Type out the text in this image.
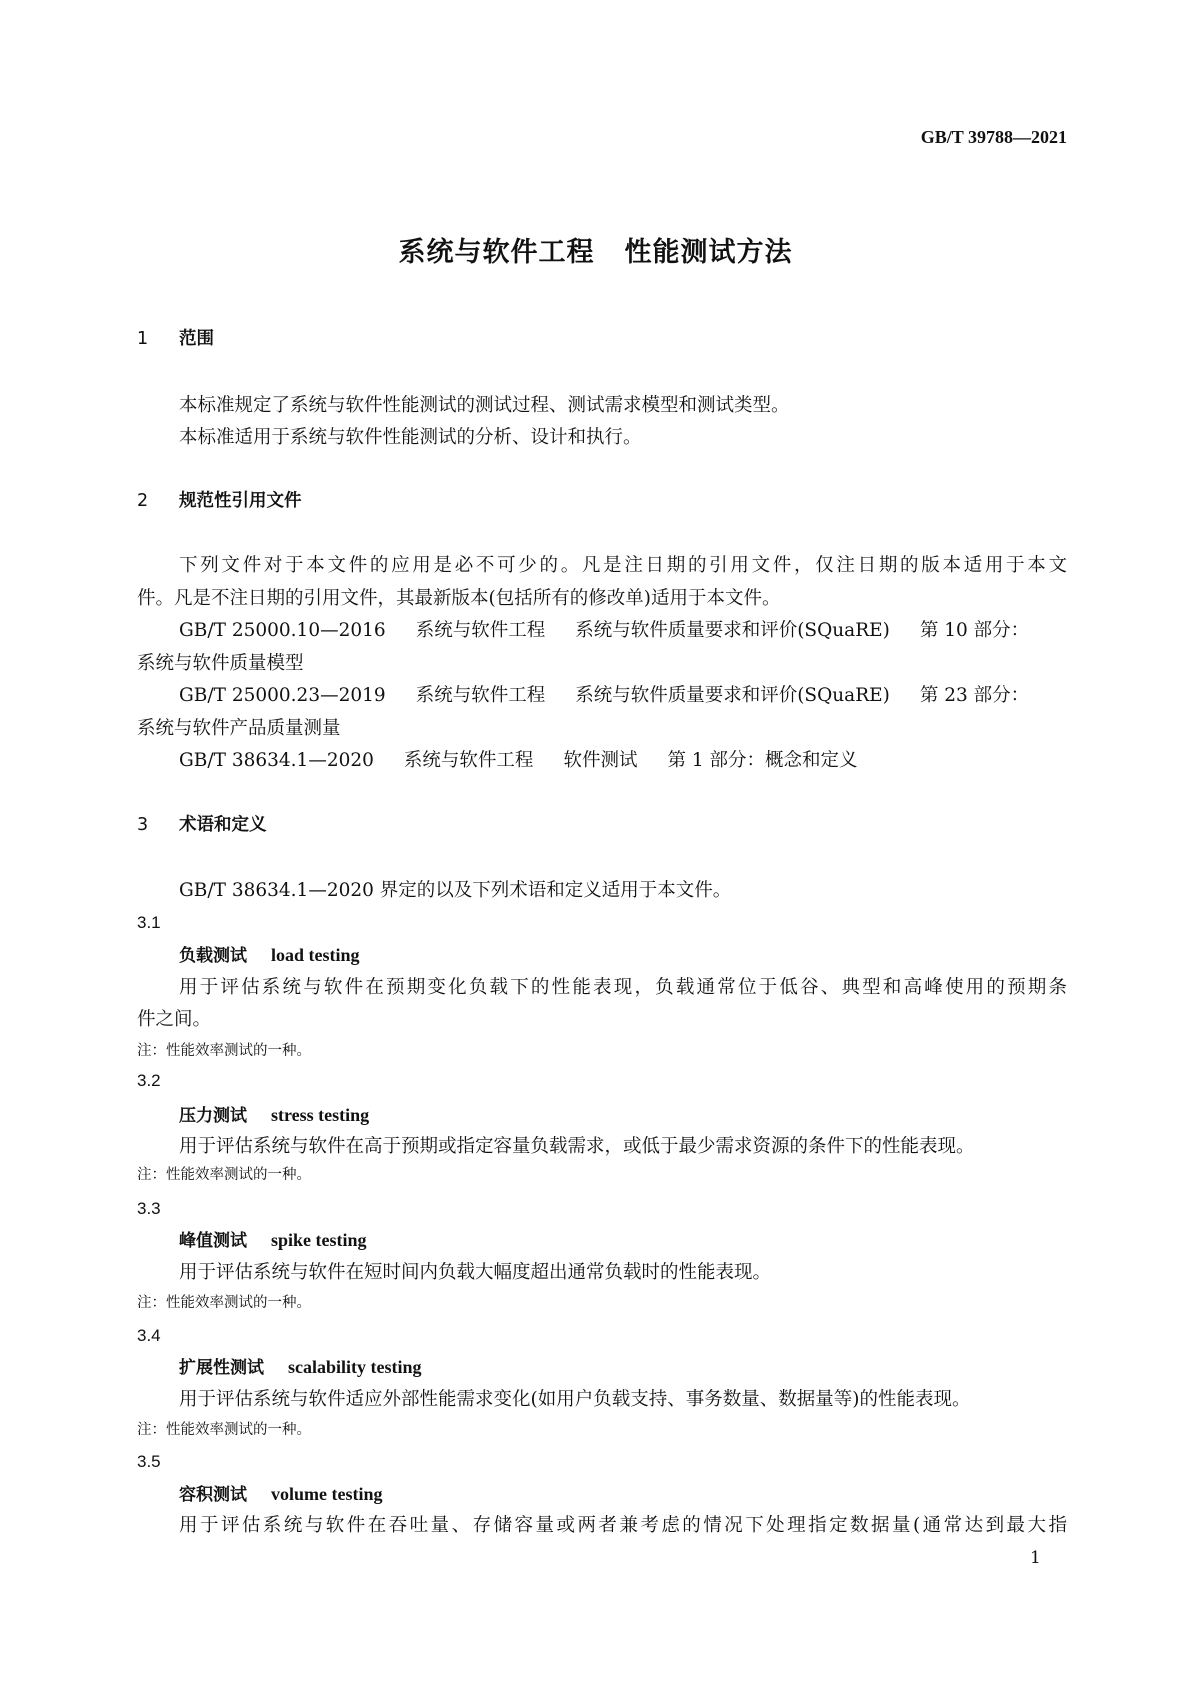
GB/T 39788—2021
系统与软件工程 性能测试方法
1 范围
本标准规定了系统与软件性能测试的测试过程、测试需求模型和测试类型。
本标准适用于系统与软件性能测试的分析、设计和执行。
2 规范性引用文件
下列文件对于本文件的应用是必不可少的。凡是注日期的引用文件，仅注日期的版本适用于本文
件。凡是不注日期的引用文件，其最新版本(包括所有的修改单)适用于本文件。
GB/T 25000.10—2016 系统与软件工程 系统与软件质量要求和评价(SQuaRE) 第 10 部分：
系统与软件质量模型
GB/T 25000.23—2019 系统与软件工程 系统与软件质量要求和评价(SQuaRE) 第 23 部分：
系统与软件产品质量测量
GB/T 38634.1—2020 系统与软件工程 软件测试 第 1 部分：概念和定义
3 术语和定义
GB/T 38634.1—2020 界定的以及下列术语和定义适用于本文件。
3.1
负载测试 load testing
用于评估系统与软件在预期变化负载下的性能表现，负载通常位于低谷、典型和高峰使用的预期条
件之间。
注：性能效率测试的一种。
3.2
压力测试 stress testing
用于评估系统与软件在高于预期或指定容量负载需求，或低于最少需求资源的条件下的性能表现。
注：性能效率测试的一种。
3.3
峰值测试 spike testing
用于评估系统与软件在短时间内负载大幅度超出通常负载时的性能表现。
注：性能效率测试的一种。
3.4
扩展性测试 scalability testing
用于评估系统与软件适应外部性能需求变化(如用户负载支持、事务数量、数据量等)的性能表现。
注：性能效率测试的一种。
3.5
容积测试 volume testing
用于评估系统与软件在吞吐量、存储容量或两者兼考虑的情况下处理指定数据量(通常达到最大指
1
